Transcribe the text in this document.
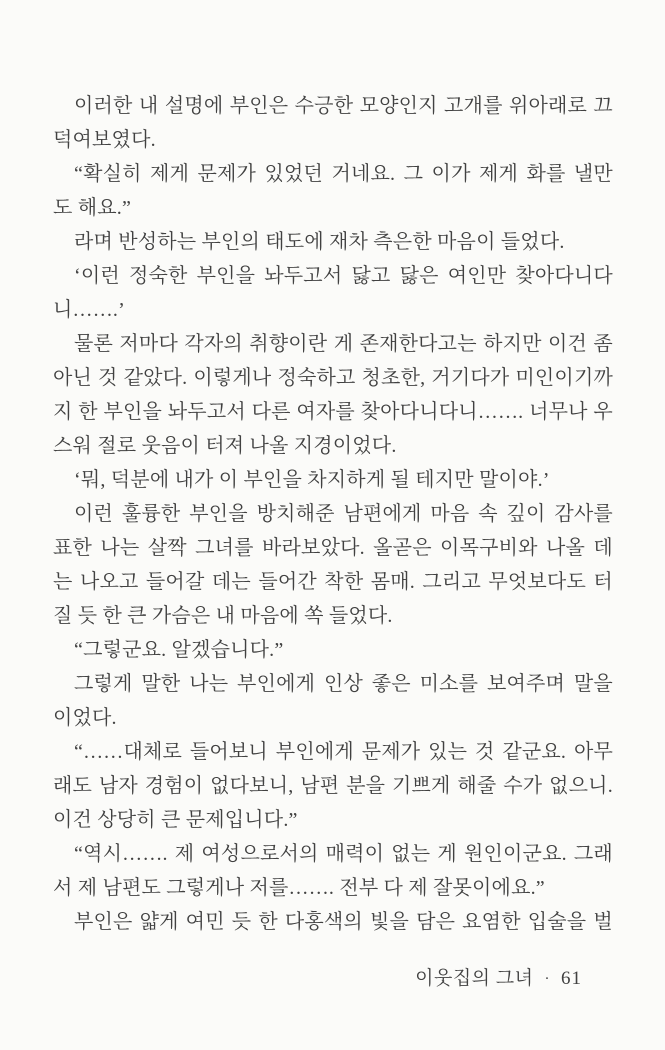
이러한 내 설명에 부인은 수긍한 모양인지 고개를 위아래로 끄
덕여보였다.
“확실히 제게 문제가 있었던 거네요. 그 이가 제게 화를 낼만
도 해요.”
라며 반성하는 부인의 태도에 재차 측은한 마음이 들었다.
‘이런 정숙한 부인을 놔두고서 닳고 닳은 여인만 찾아다니다
니…….’
물론 저마다 각자의 취향이란 게 존재한다고는 하지만 이건 좀
아닌 것 같았다. 이렇게나 정숙하고 청초한, 거기다가 미인이기까
지 한 부인을 놔두고서 다른 여자를 찾아다니다니……. 너무나 우
스워 절로 웃음이 터져 나올 지경이었다.
‘뭐, 덕분에 내가 이 부인을 차지하게 될 테지만 말이야.’
이런 훌륭한 부인을 방치해준 남편에게 마음 속 깊이 감사를
표한 나는 살짝 그녀를 바라보았다. 올곧은 이목구비와 나올 데
는 나오고 들어갈 데는 들어간 착한 몸매. 그리고 무엇보다도 터
질 듯 한 큰 가슴은 내 마음에 쏙 들었다.
“그렇군요. 알겠습니다.”
그렇게 말한 나는 부인에게 인상 좋은 미소를 보여주며 말을
이었다.
“……대체로 들어보니 부인에게 문제가 있는 것 같군요. 아무
래도 남자 경험이 없다보니, 남편 분을 기쁘게 해줄 수가 없으니.
이건 상당히 큰 문제입니다.”
“역시……. 제 여성으로서의 매력이 없는 게 원인이군요. 그래
서 제 남편도 그렇게나 저를……. 전부 다 제 잘못이에요.”
부인은 얇게 여민 듯 한 다홍색의 빛을 담은 요염한 입술을 벌
이웃집의 그녀 · 61
